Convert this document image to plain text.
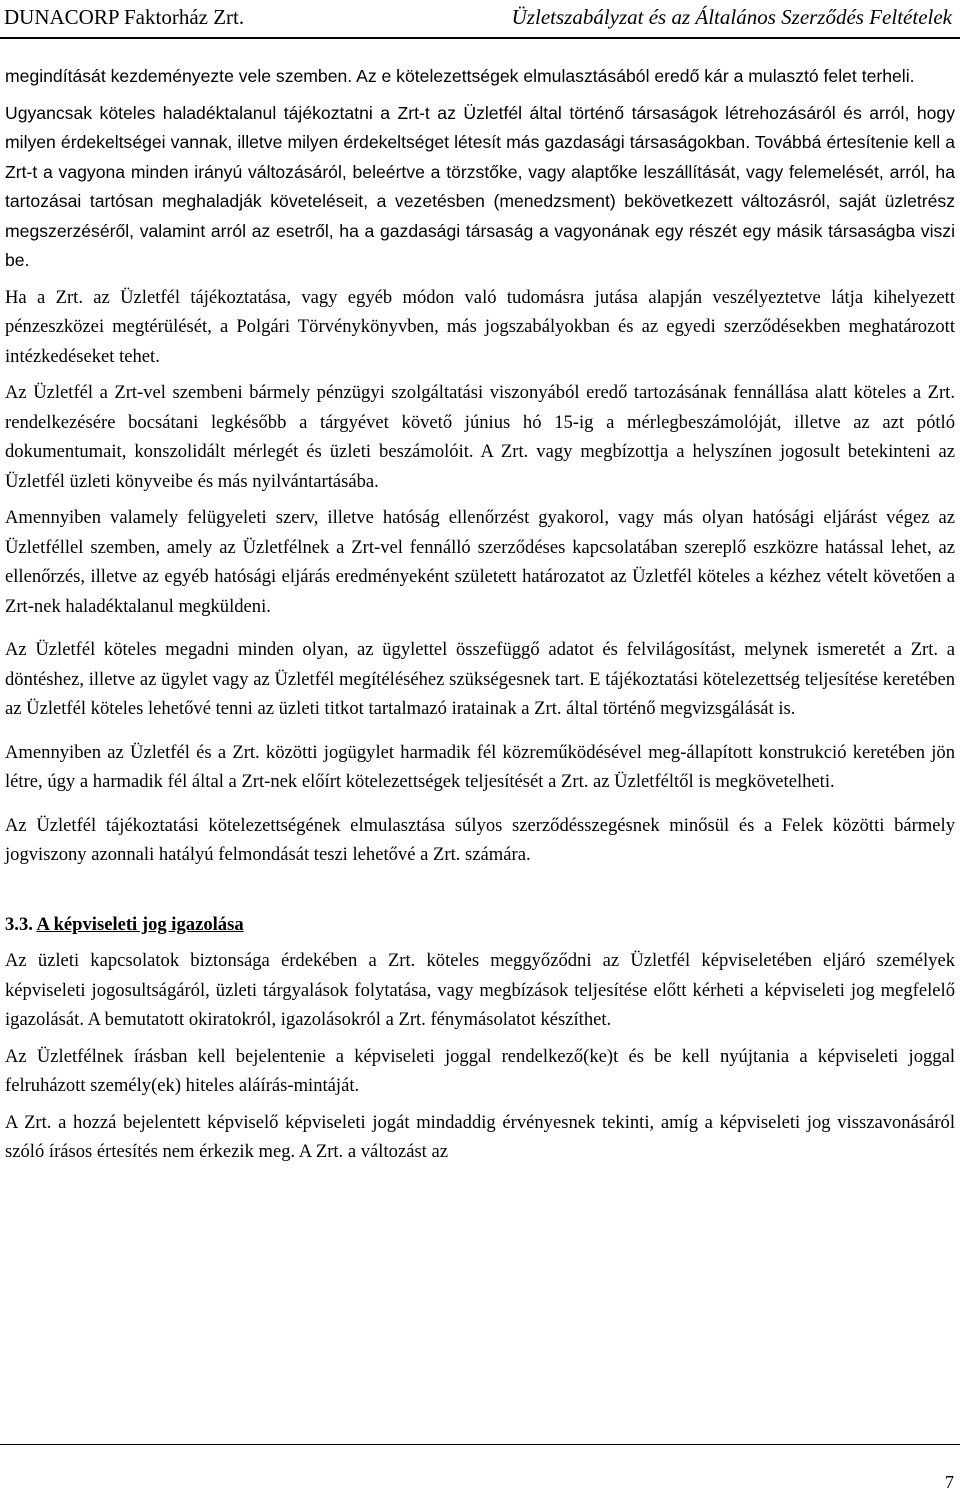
DUNACORP Faktorház Zrt.	Üzletszabályzat és az Általános Szerződés Feltételek

megindítását kezdeményezte vele szemben. Az e kötelezettségek elmulasztásából eredő kár a mulasztó felet terheli.

Ugyancsak köteles haladéktalanul tájékoztatni a Zrt-t az Üzletfél által történő társaságok létrehozásáról és arról, hogy milyen érdekeltségei vannak, illetve milyen érdekeltséget létesít más gazdasági társaságokban. Továbbá értesítenie kell a Zrt-t a vagyona minden irányú változásáról, beleértve a törzstőke, vagy alaptőke leszállítását, vagy felemelését, arról, ha tartozásai tartósan meghaladják követeléseit, a vezetésben (menedzsment) bekövetkezett változásról, saját üzletrész megszerzéséről, valamint arról az esetről, ha a gazdasági társaság a vagyonának egy részét egy másik társaságba viszi be.

Ha a Zrt. az Üzletfél tájékoztatása, vagy egyéb módon való tudomásra jutása alapján veszélyeztetve látja kihelyezett pénzeszközei megtérülését, a Polgári Törvénykönyvben, más jogszabályokban és az egyedi szerződésekben meghatározott intézkedéseket tehet.

Az Üzletfél a Zrt-vel szembeni bármely pénzügyi szolgáltatási viszonyából eredő tartozásának fennállása alatt köteles a Zrt. rendelkezésére bocsátani legkésőbb a tárgyévet követő június hó 15-ig a mérlegbeszámolóját, illetve az azt pótló dokumentumait, konszolidált mérlegét és üzleti beszámolóit. A Zrt. vagy megbízottja a helyszínen jogosult betekinteni az Üzletfél üzleti könyveibe és más nyilvántartásába.

Amennyiben valamely felügyeleti szerv, illetve hatóság ellenőrzést gyakorol, vagy más olyan hatósági eljárást végez az Üzletféllel szemben, amely az Üzletfélnek a Zrt-vel fennálló szerződéses kapcsolatában szereplő eszközre hatással lehet, az ellenőrzés, illetve az egyéb hatósági eljárás eredményeként született határozatot az Üzletfél köteles a kézhez vételt követően a Zrt-nek haladéktalanul megküldeni.

Az Üzletfél köteles megadni minden olyan, az ügylettel összefüggő adatot és felvilágosítást, melynek ismeretét a Zrt. a döntéshez, illetve az ügylet vagy az Üzletfél megítéléséhez szükségesnek tart. E tájékoztatási kötelezettség teljesítése keretében az Üzletfél köteles lehetővé tenni az üzleti titkot tartalmazó iratainak a Zrt. által történő megvizsgálását is.

Amennyiben az Üzletfél és a Zrt. közötti jogügylet harmadik fél közreműködésével meg-állapított konstrukció keretében jön létre, úgy a harmadik fél által a Zrt-nek előírt kötelezettségek teljesítését a Zrt. az Üzletféltől is megkövetelheti.

Az Üzletfél tájékoztatási kötelezettségének elmulasztása súlyos szerződésszegésnek minősül és a Felek közötti bármely jogviszony azonnali hatályú felmondását teszi lehetővé a Zrt. számára.

3.3. A képviseleti jog igazolása

Az üzleti kapcsolatok biztonsága érdekében a Zrt. köteles meggyőződni az Üzletfél képviseletében eljáró személyek képviseleti jogosultságáról, üzleti tárgyalások folytatása, vagy megbízások teljesítése előtt kérheti a képviseleti jog megfelelő igazolását. A bemutatott okiratokról, igazolásokról a Zrt. fénymásolatot készíthet.

Az Üzletfélnek írásban kell bejelentenie a képviseleti joggal rendelkező(ke)t és be kell nyújtania a képviseleti joggal felruházott személy(ek) hiteles aláírás-mintáját.

A Zrt. a hozzá bejelentett képviselő képviseleti jogát mindaddig érvényesnek tekinti, amíg a képviseleti jog visszavonásáról szóló írásos értesítés nem érkezik meg. A Zrt. a változást az

7
